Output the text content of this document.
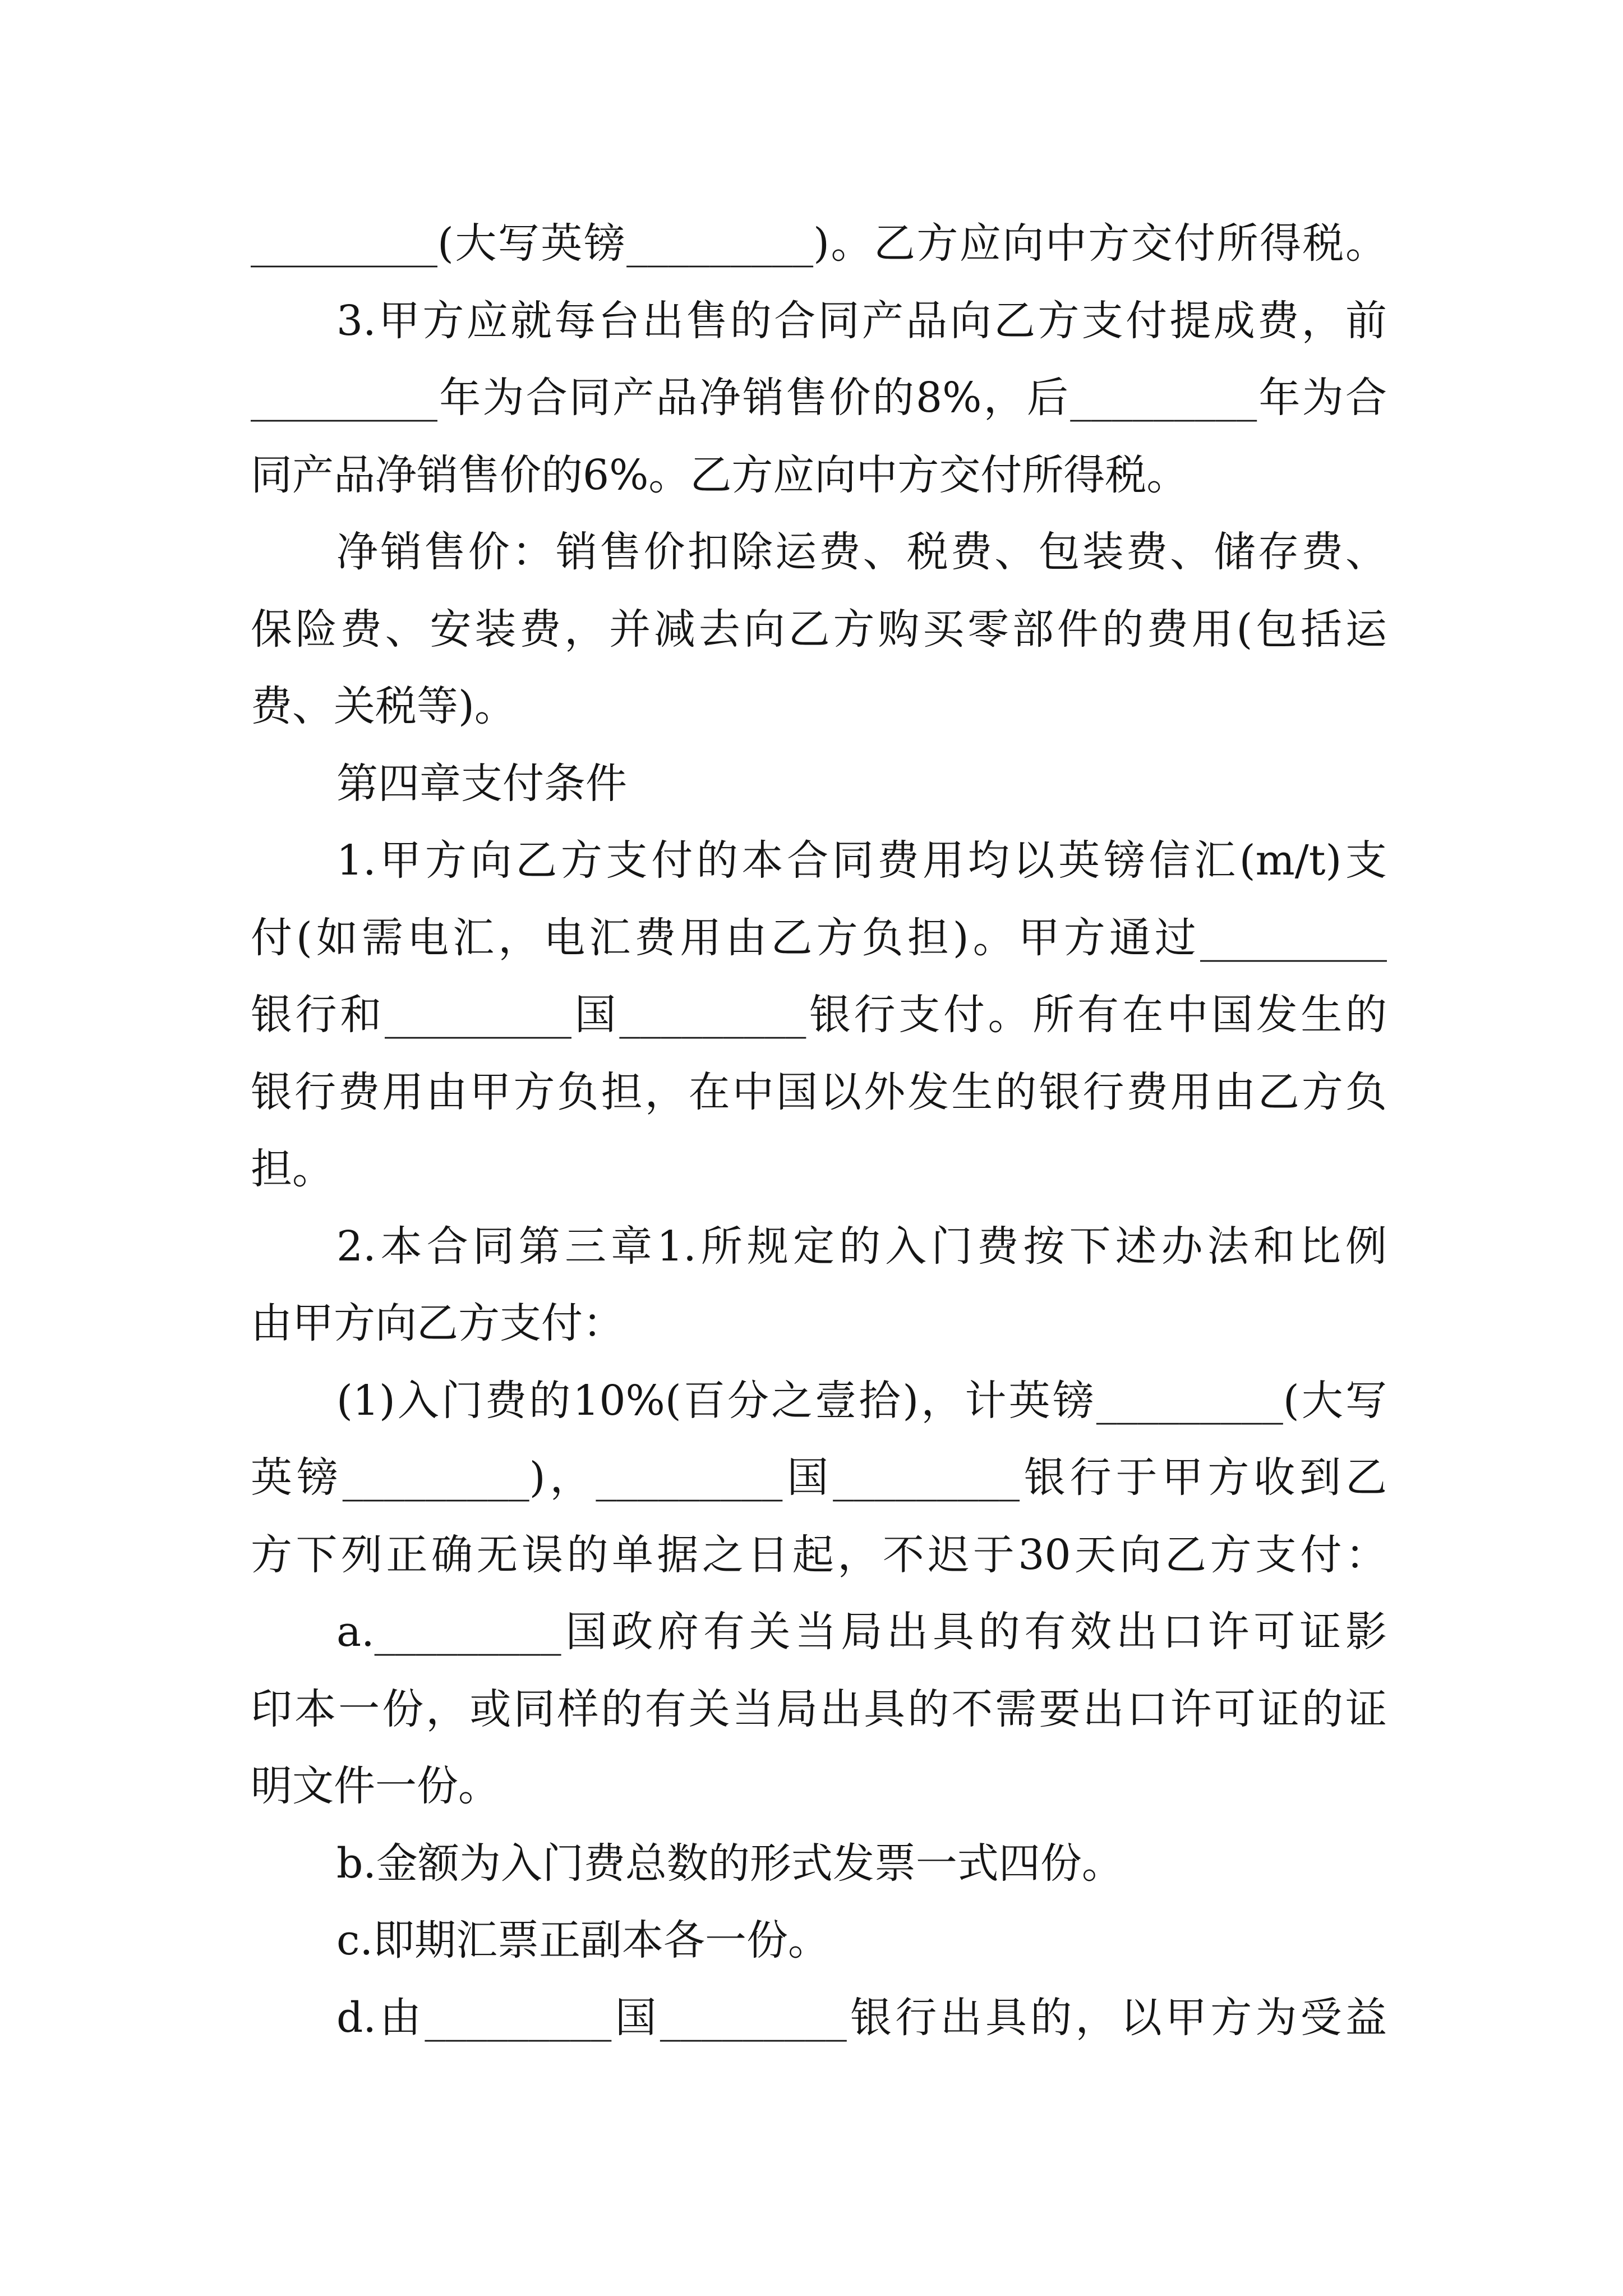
_________(大写英镑_________)。乙方应向中方交付所得税。
3.甲方应就每台出售的合同产品向乙方支付提成费，前
_________年为合同产品净销售价的8%，后_________年为合
同产品净销售价的6%。乙方应向中方交付所得税。
净销售价：销售价扣除运费、税费、包装费、储存费、
保险费、安装费，并减去向乙方购买零部件的费用(包括运
费、关税等)。
第四章支付条件
1.甲方向乙方支付的本合同费用均以英镑信汇(m/t)支
付(如需电汇，电汇费用由乙方负担)。甲方通过_________
银行和_________国_________银行支付。所有在中国发生的
银行费用由甲方负担，在中国以外发生的银行费用由乙方负
担。
2.本合同第三章1.所规定的入门费按下述办法和比例
由甲方向乙方支付：
(1)入门费的10%(百分之壹拾)，计英镑_________(大写
英镑_________)，_________国_________银行于甲方收到乙
方下列正确无误的单据之日起，不迟于30天向乙方支付：
a._________国政府有关当局出具的有效出口许可证影
印本一份，或同样的有关当局出具的不需要出口许可证的证
明文件一份。
b.金额为入门费总数的形式发票一式四份。
c.即期汇票正副本各一份。
d.由_________国_________银行出具的，以甲方为受益
